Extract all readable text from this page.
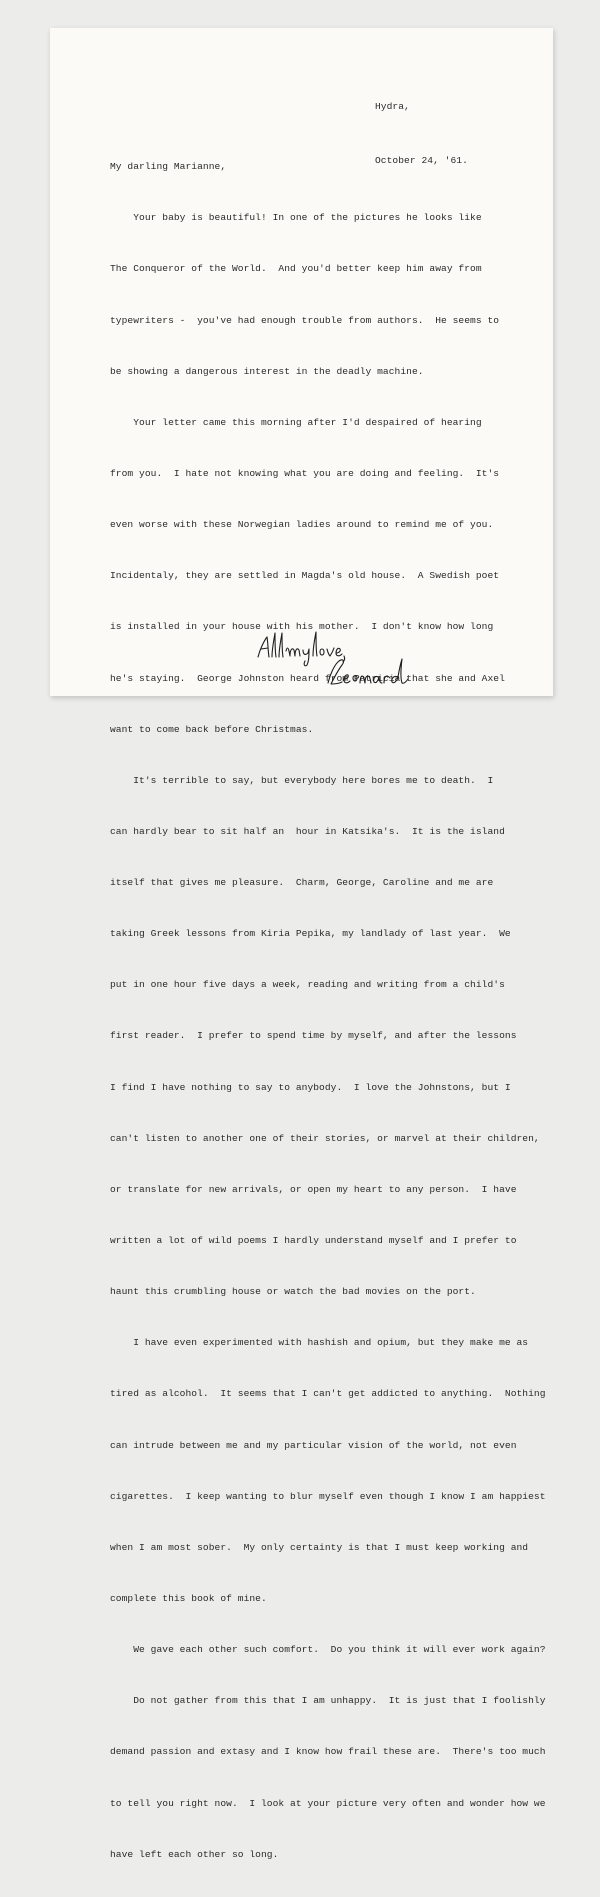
Hydra,

October 24, '61.

My darling Marianne,

Your baby is beautiful! In one of the pictures he looks like

The Conqueror of the World.  And you'd better keep him away from

typewriters -  you've had enough trouble from authors.  He seems to

be showing a dangerous interest in the deadly machine.

Your letter came this morning after I'd despaired of hearing

from you.  I hate not knowing what you are doing and feeling.  It's

even worse with these Norwegian ladies around to remind me of you.

Incidentaly, they are settled in Magda's old house.  A Swedish poet

is installed in your house with his mother.  I don't know how long

he's staying.  George Johnston heard from Patricia that she and Axel

want to come back before Christmas.

It's terrible to say, but everybody here bores me to death.  I

can hardly bear to sit half an  hour in Katsika's.  It is the island

itself that gives me pleasure.  Charm, George, Caroline and me are

taking Greek lessons from Kiria Pepika, my landlady of last year.  We

put in one hour five days a week, reading and writing from a child's

first reader.  I prefer to spend time by myself, and after the lessons

I find I have nothing to say to anybody.  I love the Johnstons, but I

can't listen to another one of their stories, or marvel at their children,

or translate for new arrivals, or open my heart to any person.  I have

written a lot of wild poems I hardly understand myself and I prefer to

haunt this crumbling house or watch the bad movies on the port.

I have even experimented with hashish and opium, but they make me as

tired as alcohol.  It seems that I can't get addicted to anything.  Nothing

can intrude between me and my particular vision of the world, not even

cigarettes.  I keep wanting to blur myself even though I know I am happiest

when I am most sober.  My only certainty is that I must keep working and

complete this book of mine.

We gave each other such comfort.  Do you think it will ever work again?

Do not gather from this that I am unhappy.  It is just that I foolishly

demand passion and extasy and I know how frail these are.  There's too much

to tell you right now.  I look at your picture very often and wonder how we

have left each other so long.
